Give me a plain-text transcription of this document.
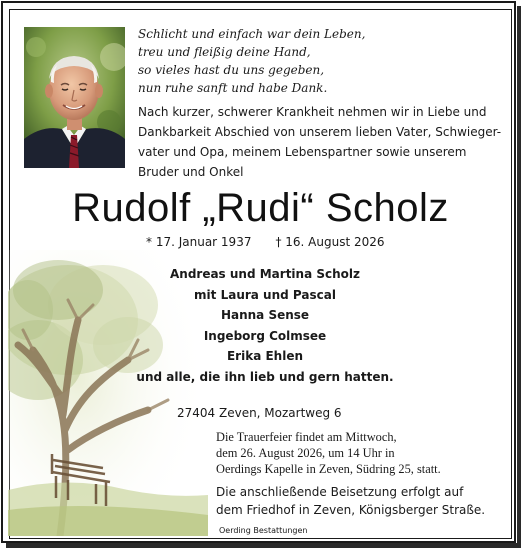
Schlicht und einfach war dein Leben,
treu und fleißig deine Hand,
so vieles hast du uns gegeben,
nun ruhe sanft und habe Dank.
Nach kurzer, schwerer Krankheit nehmen wir in Liebe und
Dankbarkeit Abschied von unserem lieben Vater, Schwieger-
vater und Opa, meinem Lebenspartner sowie unserem
Bruder und Onkel
Rudolf „Rudi“ Scholz
* 17. Januar 1937 † 16. August 2026
Andreas und Martina Scholz
mit Laura und Pascal
Hanna Sense
Ingeborg Colmsee
Erika Ehlen
und alle, die ihn lieb und gern hatten.
27404 Zeven, Mozartweg 6
Die Trauerfeier findet am Mittwoch,
dem 26. August 2026, um 14 Uhr in
Oerdings Kapelle in Zeven, Südring 25, statt.
Die anschließende Beisetzung erfolgt auf
dem Friedhof in Zeven, Königsberger Straße.
Oerding Bestattungen
